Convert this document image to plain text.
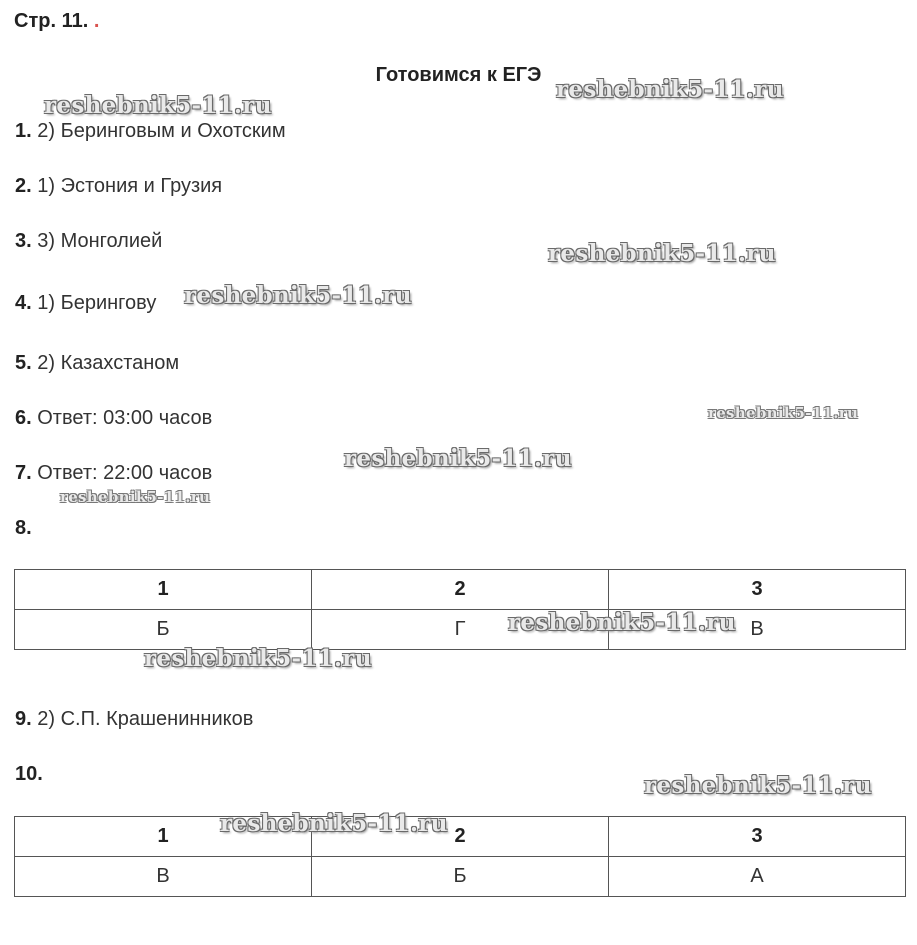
Стр. 11. .
Готовимся к ЕГЭ
1. 2) Беринговым и Охотским
2. 1) Эстония и Грузия
3. 3) Монголией
4. 1) Берингову
5. 2) Казахстаном
6. Ответ: 03:00 часов
7. Ответ: 22:00 часов
8.
1	2	3
Б	Г	В
9. 2) С.П. Крашенинников
10.
1	2	3
В	Б	А
reshebnik5-11.ru
reshebnik5-11.ru
reshebnik5-11.ru
reshebnik5-11.ru
reshebnik5-11.ru
reshebnik5-11.ru
reshebnik5-11.ru
reshebnik5-11.ru
reshebnik5-11.ru
reshebnik5-11.ru
reshebnik5-11.ru
